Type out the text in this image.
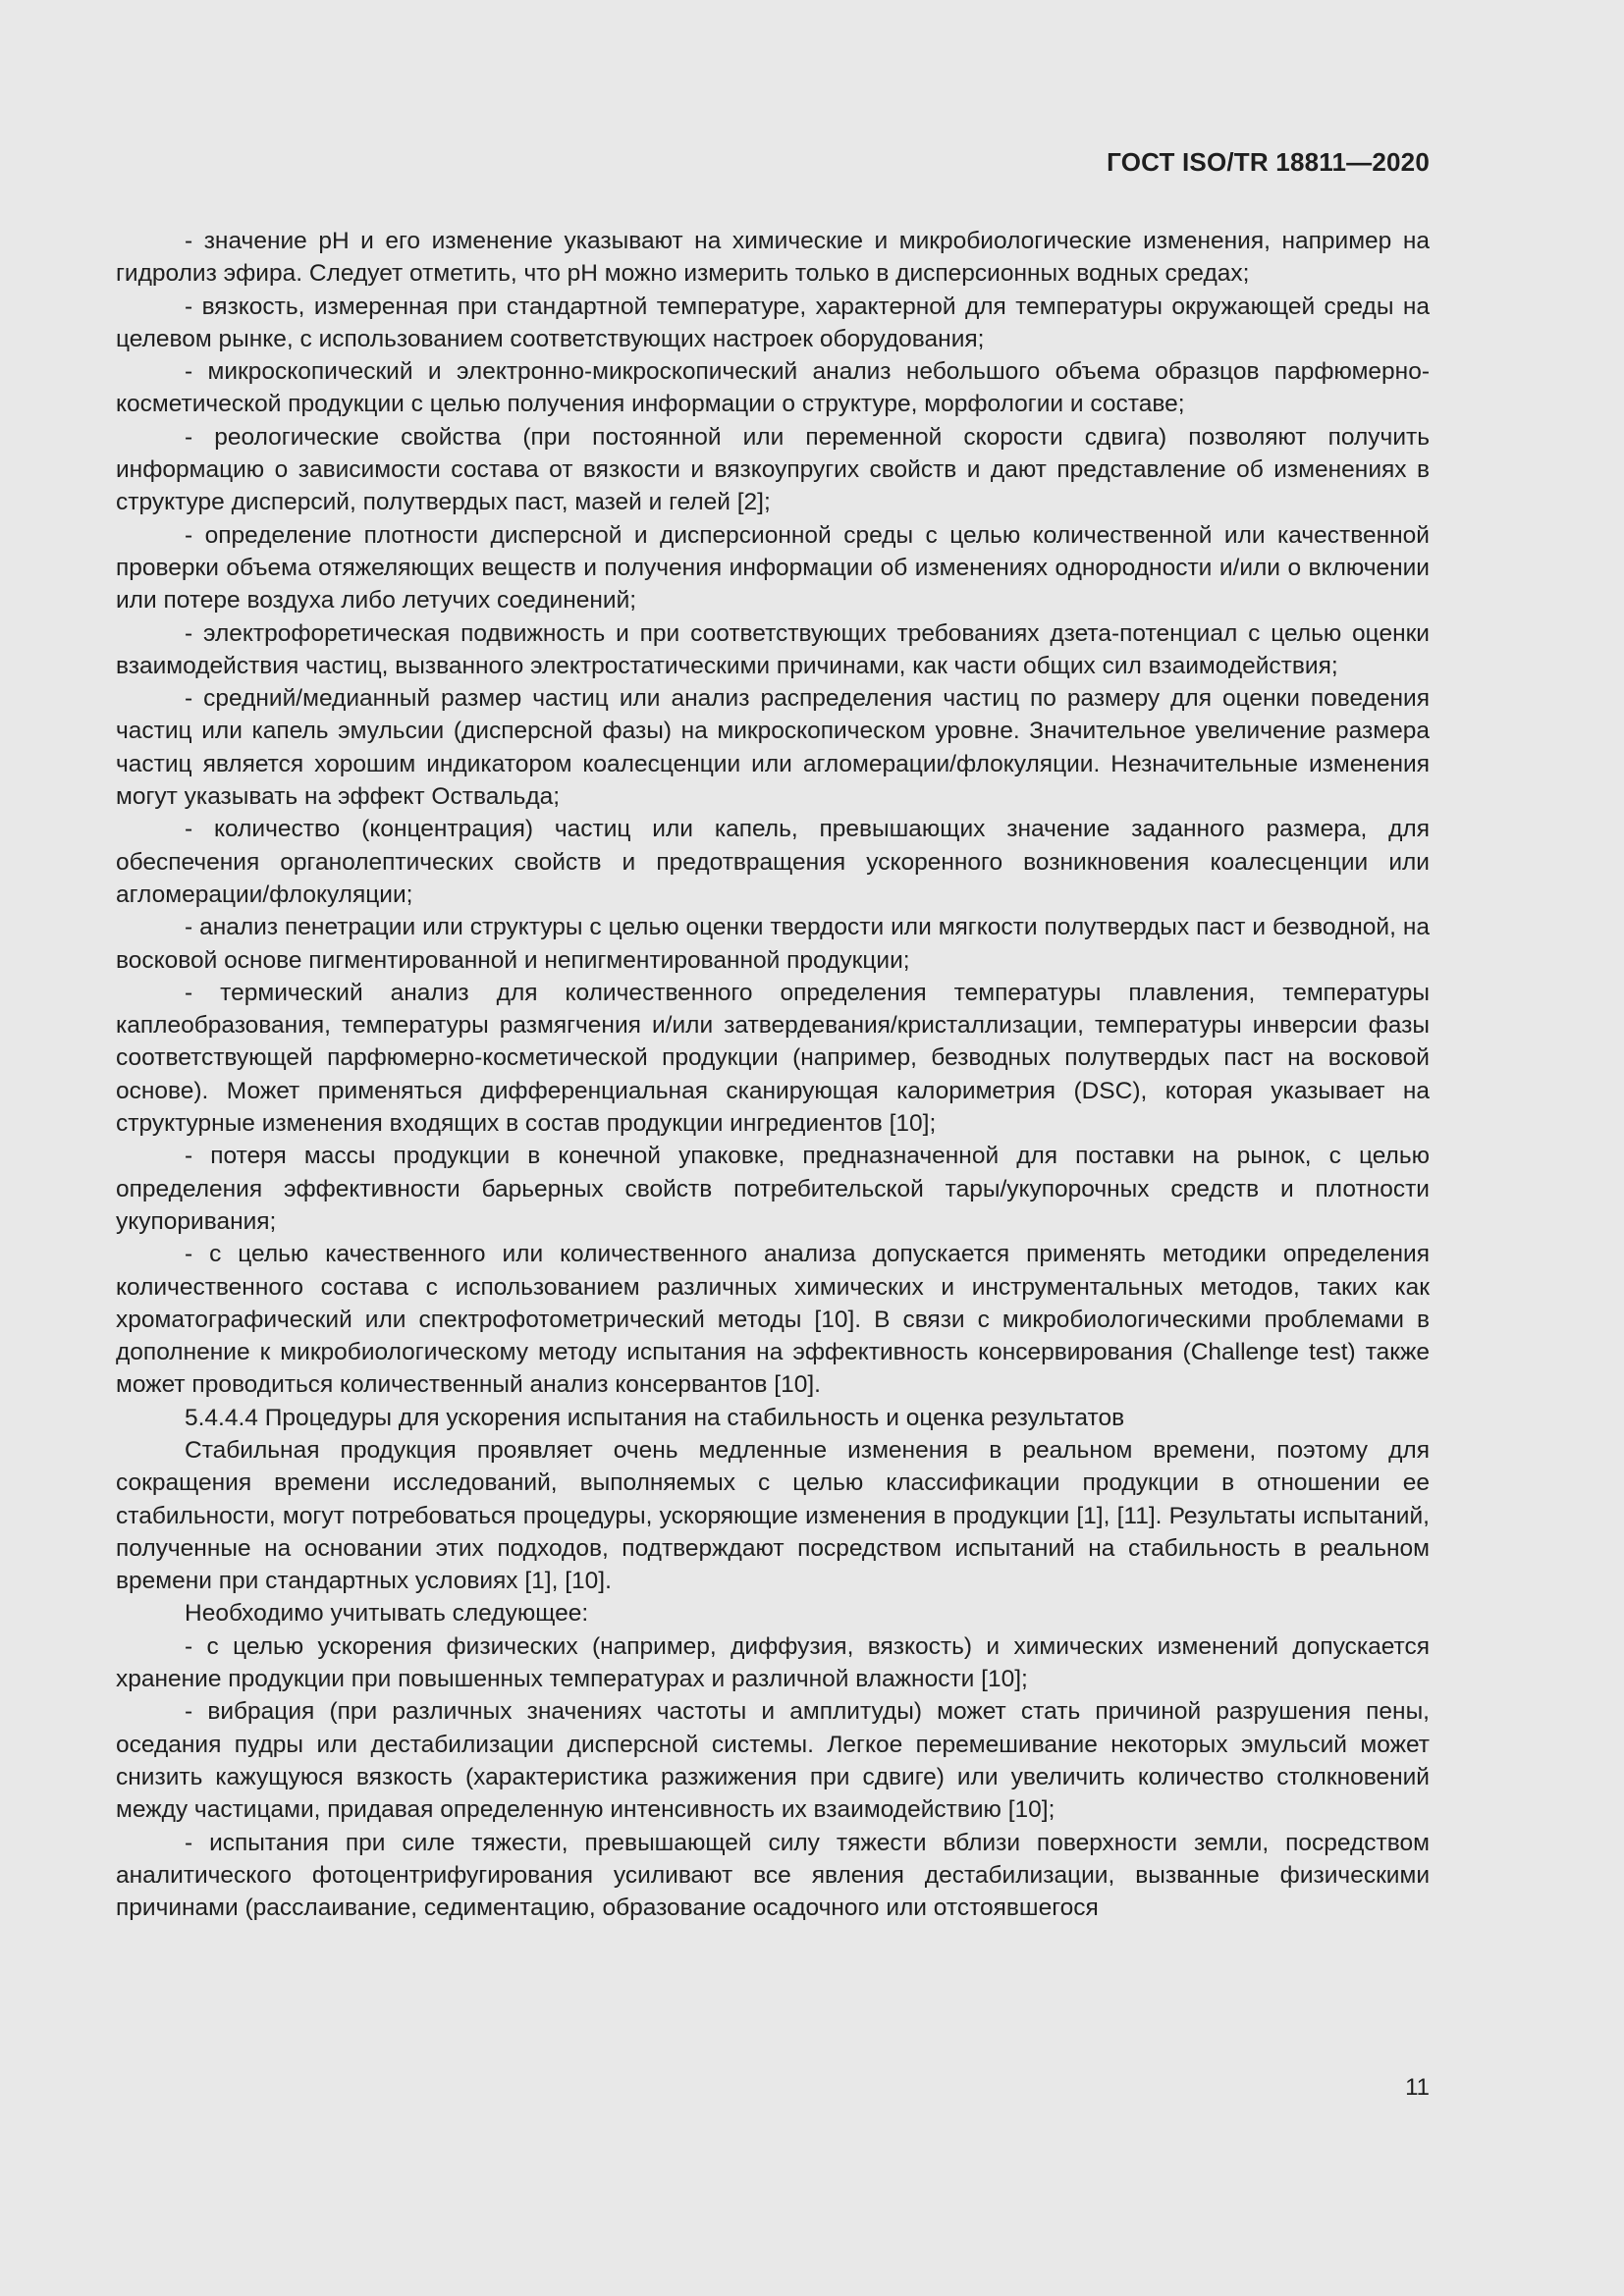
ГОСТ ISO/TR 18811—2020

- значение pH и его изменение указывают на химические и микробиологические изменения, например на гидролиз эфира. Следует отметить, что pH можно измерить только в дисперсионных водных средах;

- вязкость, измеренная при стандартной температуре, характерной для температуры окружающей среды на целевом рынке, с использованием соответствующих настроек оборудования;

- микроскопический и электронно-микроскопический анализ небольшого объема образцов парфюмерно-косметической продукции с целью получения информации о структуре, морфологии и составе;

- реологические свойства (при постоянной или переменной скорости сдвига) позволяют получить информацию о зависимости состава от вязкости и вязкоупругих свойств и дают представление об изменениях в структуре дисперсий, полутвердых паст, мазей и гелей [2];

- определение плотности дисперсной и дисперсионной среды с целью количественной или качественной проверки объема отяжеляющих веществ и получения информации об изменениях однородности и/или о включении или потере воздуха либо летучих соединений;

- электрофоретическая подвижность и при соответствующих требованиях дзета-потенциал с целью оценки взаимодействия частиц, вызванного электростатическими причинами, как части общих сил взаимодействия;

- средний/медианный размер частиц или анализ распределения частиц по размеру для оценки поведения частиц или капель эмульсии (дисперсной фазы) на микроскопическом уровне. Значительное увеличение размера частиц является хорошим индикатором коалесценции или агломерации/флокуляции. Незначительные изменения могут указывать на эффект Оствальда;

- количество (концентрация) частиц или капель, превышающих значение заданного размера, для обеспечения органолептических свойств и предотвращения ускоренного возникновения коалесценции или агломерации/флокуляции;

- анализ пенетрации или структуры с целью оценки твердости или мягкости полутвердых паст и безводной, на восковой основе пигментированной и непигментированной продукции;

- термический анализ для количественного определения температуры плавления, температуры каплеобразования, температуры размягчения и/или затвердевания/кристаллизации, температуры инверсии фазы соответствующей парфюмерно-косметической продукции (например, безводных полутвердых паст на восковой основе). Может применяться дифференциальная сканирующая калориметрия (DSC), которая указывает на структурные изменения входящих в состав продукции ингредиентов [10];

- потеря массы продукции в конечной упаковке, предназначенной для поставки на рынок, с целью определения эффективности барьерных свойств потребительской тары/укупорочных средств и плотности укупоривания;

- с целью качественного или количественного анализа допускается применять методики определения количественного состава с использованием различных химических и инструментальных методов, таких как хроматографический или спектрофотометрический методы [10]. В связи с микробиологическими проблемами в дополнение к микробиологическому методу испытания на эффективность консервирования (Challenge test) также может проводиться количественный анализ консервантов [10].

5.4.4.4 Процедуры для ускорения испытания на стабильность и оценка результатов

Стабильная продукция проявляет очень медленные изменения в реальном времени, поэтому для сокращения времени исследований, выполняемых с целью классификации продукции в отношении ее стабильности, могут потребоваться процедуры, ускоряющие изменения в продукции [1], [11]. Результаты испытаний, полученные на основании этих подходов, подтверждают посредством испытаний на стабильность в реальном времени при стандартных условиях [1], [10].

Необходимо учитывать следующее:

- с целью ускорения физических (например, диффузия, вязкость) и химических изменений допускается хранение продукции при повышенных температурах и различной влажности [10];

- вибрация (при различных значениях частоты и амплитуды) может стать причиной разрушения пены, оседания пудры или дестабилизации дисперсной системы. Легкое перемешивание некоторых эмульсий может снизить кажущуюся вязкость (характеристика разжижения при сдвиге) или увеличить количество столкновений между частицами, придавая определенную интенсивность их взаимодействию [10];

- испытания при силе тяжести, превышающей силу тяжести вблизи поверхности земли, посредством аналитического фотоцентрифугирования усиливают все явления дестабилизации, вызванные физическими причинами (расслаивание, седиментацию, образование осадочного или отстоявшегося

11
